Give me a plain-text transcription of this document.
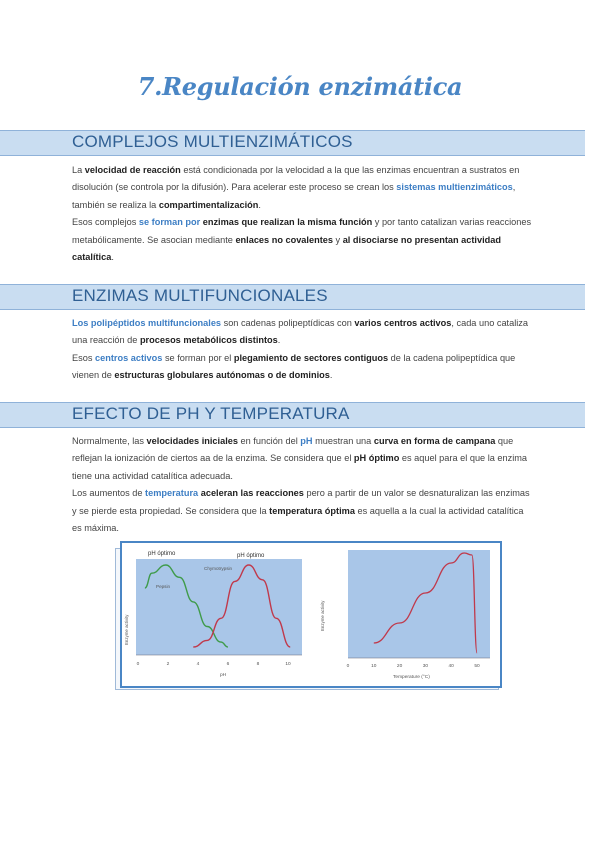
7.Regulación enzimática
COMPLEJOS MULTIENZIMÁTICOS

La velocidad de reacción está condicionada por la velocidad a la que las enzimas encuentran a sustratos en disolución (se controla por la difusión). Para acelerar este proceso se crean los sistemas multienzimáticos, también se realiza la compartimentalización.

Esos complejos se forman por enzimas que realizan la misma función y por tanto catalizan varias reacciones metabólicamente. Se asocian mediante enlaces no covalentes y al disociarse no presentan actividad catalítica.

ENZIMAS MULTIFUNCIONALES

Los polipéptidos multifuncionales son cadenas polipeptídicas con varios centros activos, cada uno cataliza una reacción de procesos metabólicos distintos.

Esos centros activos se forman por el plegamiento de sectores contiguos de la cadena polipeptídica que vienen de estructuras globulares autónomas o de dominios.

EFECTO DE PH Y TEMPERATURA

Normalmente, las velocidades iniciales en función del pH muestran una curva en forma de campana que reflejan la ionización de ciertos aa de la enzima. Se considera que el pH óptimo es aquel para el que la enzima tiene una actividad catalítica adecuada.

Los aumentos de temperatura aceleran las reacciones pero a partir de un valor se desnaturalizan las enzimas y se pierde esta propiedad. Se considera que la temperatura óptima es aquella a la cual la actividad catalítica es máxima.

pH óptimo	pH óptimo
Pepsin
Chymotrypsin
Enzyme activity
pH
0	2	4	6	8	10
Enzyme activity
Temperature (°C)
0	10	20	30	40	50
